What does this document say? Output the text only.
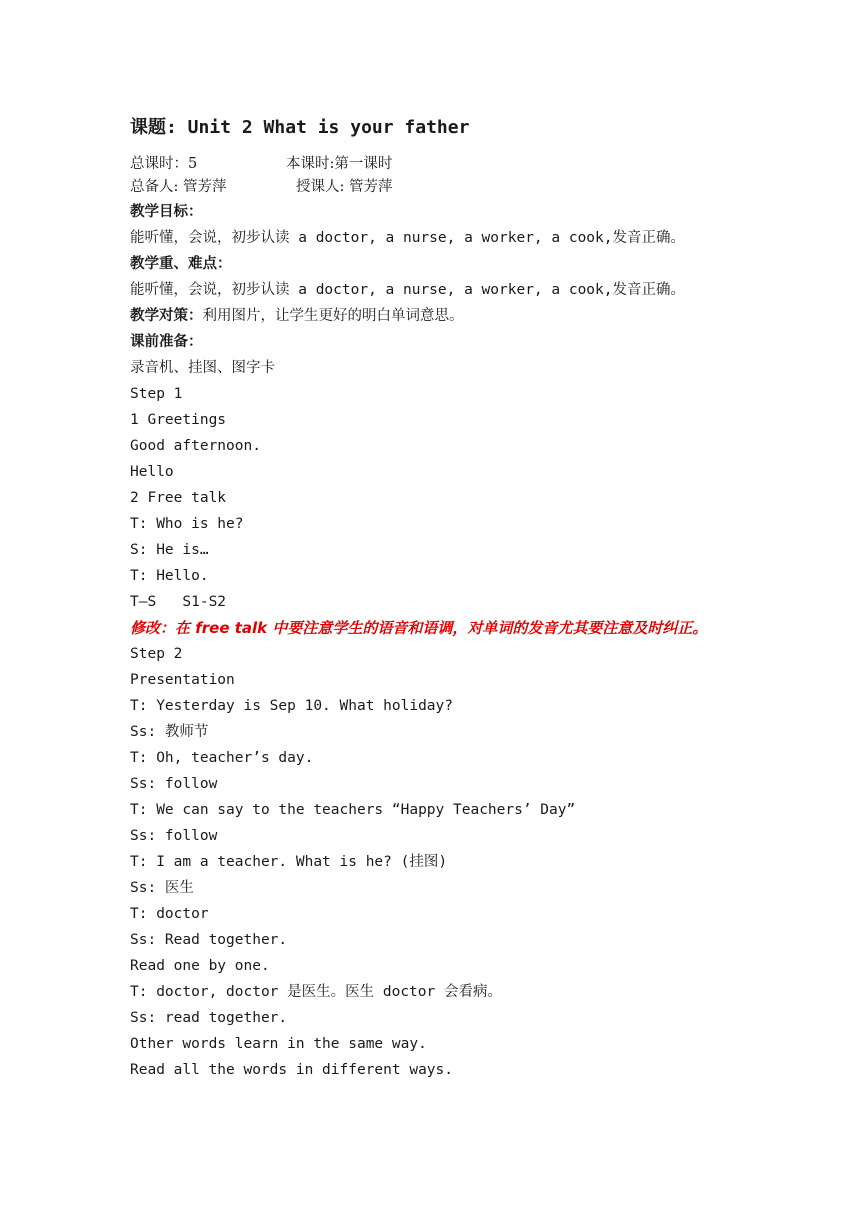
课题: Unit 2 What is your father
总课时：5	本课时:第一课时
总备人: 管芳萍	授课人: 管芳萍
教学目标：
能听懂，会说，初步认读 a doctor, a nurse, a worker, a cook,发音正确。
教学重、难点：
能听懂，会说，初步认读 a doctor, a nurse, a worker, a cook,发音正确。
教学对策：利用图片，让学生更好的明白单词意思。
课前准备：
录音机、挂图、图字卡
Step 1
1 Greetings
Good afternoon.
Hello
2 Free talk
T: Who is he?
S: He is…
T: Hello.
T—S   S1-S2
修改：在 free talk 中要注意学生的语音和语调，对单词的发音尤其要注意及时纠正。
Step 2
Presentation
T: Yesterday is Sep 10. What holiday?
Ss: 教师节
T: Oh, teacher’s day.
Ss: follow
T: We can say to the teachers “Happy Teachers’ Day”
Ss: follow
T: I am a teacher. What is he? (挂图)
Ss: 医生
T: doctor
Ss: Read together.
Read one by one.
T: doctor, doctor 是医生。医生 doctor 会看病。
Ss: read together.
Other words learn in the same way.
Read all the words in different ways.
